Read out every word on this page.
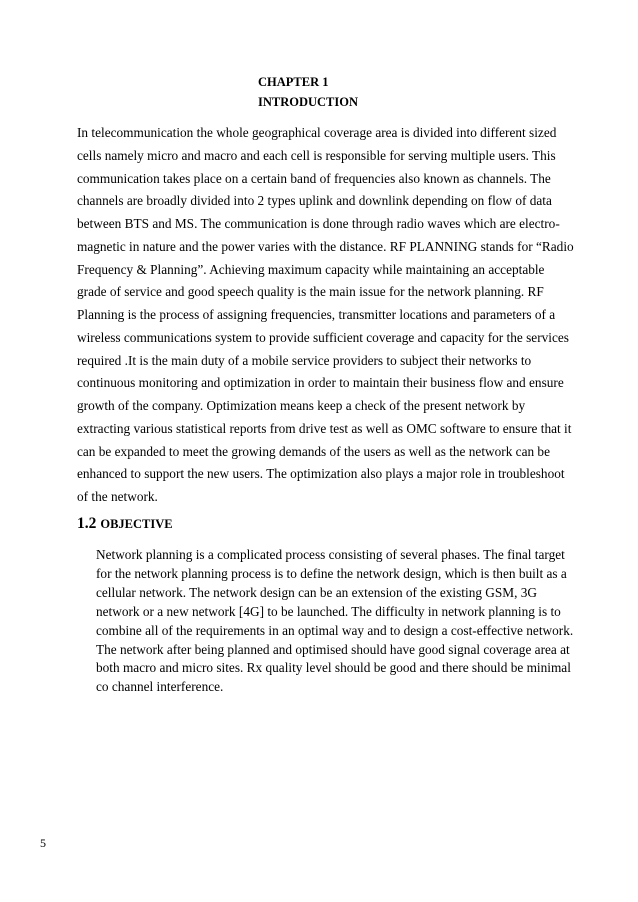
CHAPTER 1
INTRODUCTION

In telecommunication the whole geographical coverage area is divided into different sized
cells namely micro and macro and each cell is responsible for serving multiple users. This
communication takes place on a certain band of frequencies also known as channels. The
channels are broadly divided into 2 types uplink and downlink depending on flow of data
between BTS and MS. The communication is done through radio waves which are electro-
magnetic in nature and the power varies with the distance. RF PLANNING stands for “Radio
Frequency & Planning”. Achieving maximum capacity while maintaining an acceptable
grade of service and good speech quality is the main issue for the network planning. RF
Planning is the process of assigning frequencies, transmitter locations and parameters of a
wireless communications system to provide sufficient coverage and capacity for the services
required .It is the main duty of a mobile service providers to subject their networks to
continuous monitoring and optimization in order to maintain their business flow and ensure
growth of the company. Optimization means keep a check of the present network by
extracting various statistical reports from drive test as well as OMC software to ensure that it
can be expanded to meet the growing demands of the users as well as the network can be
enhanced to support the new users. The optimization also plays a major role in troubleshoot
of the network.

1.2 OBJECTIVE

Network planning is a complicated process consisting of several phases. The final target
for the network planning process is to define the network design, which is then built as a
cellular network. The network design can be an extension of the existing GSM, 3G
network or a new network [4G] to be launched. The difficulty in network planning is to
combine all of the requirements in an optimal way and to design a cost-effective network.
The network after being planned and optimised should have good signal coverage area at
both macro and micro sites. Rx quality level should be good and there should be minimal
co channel interference.

5
